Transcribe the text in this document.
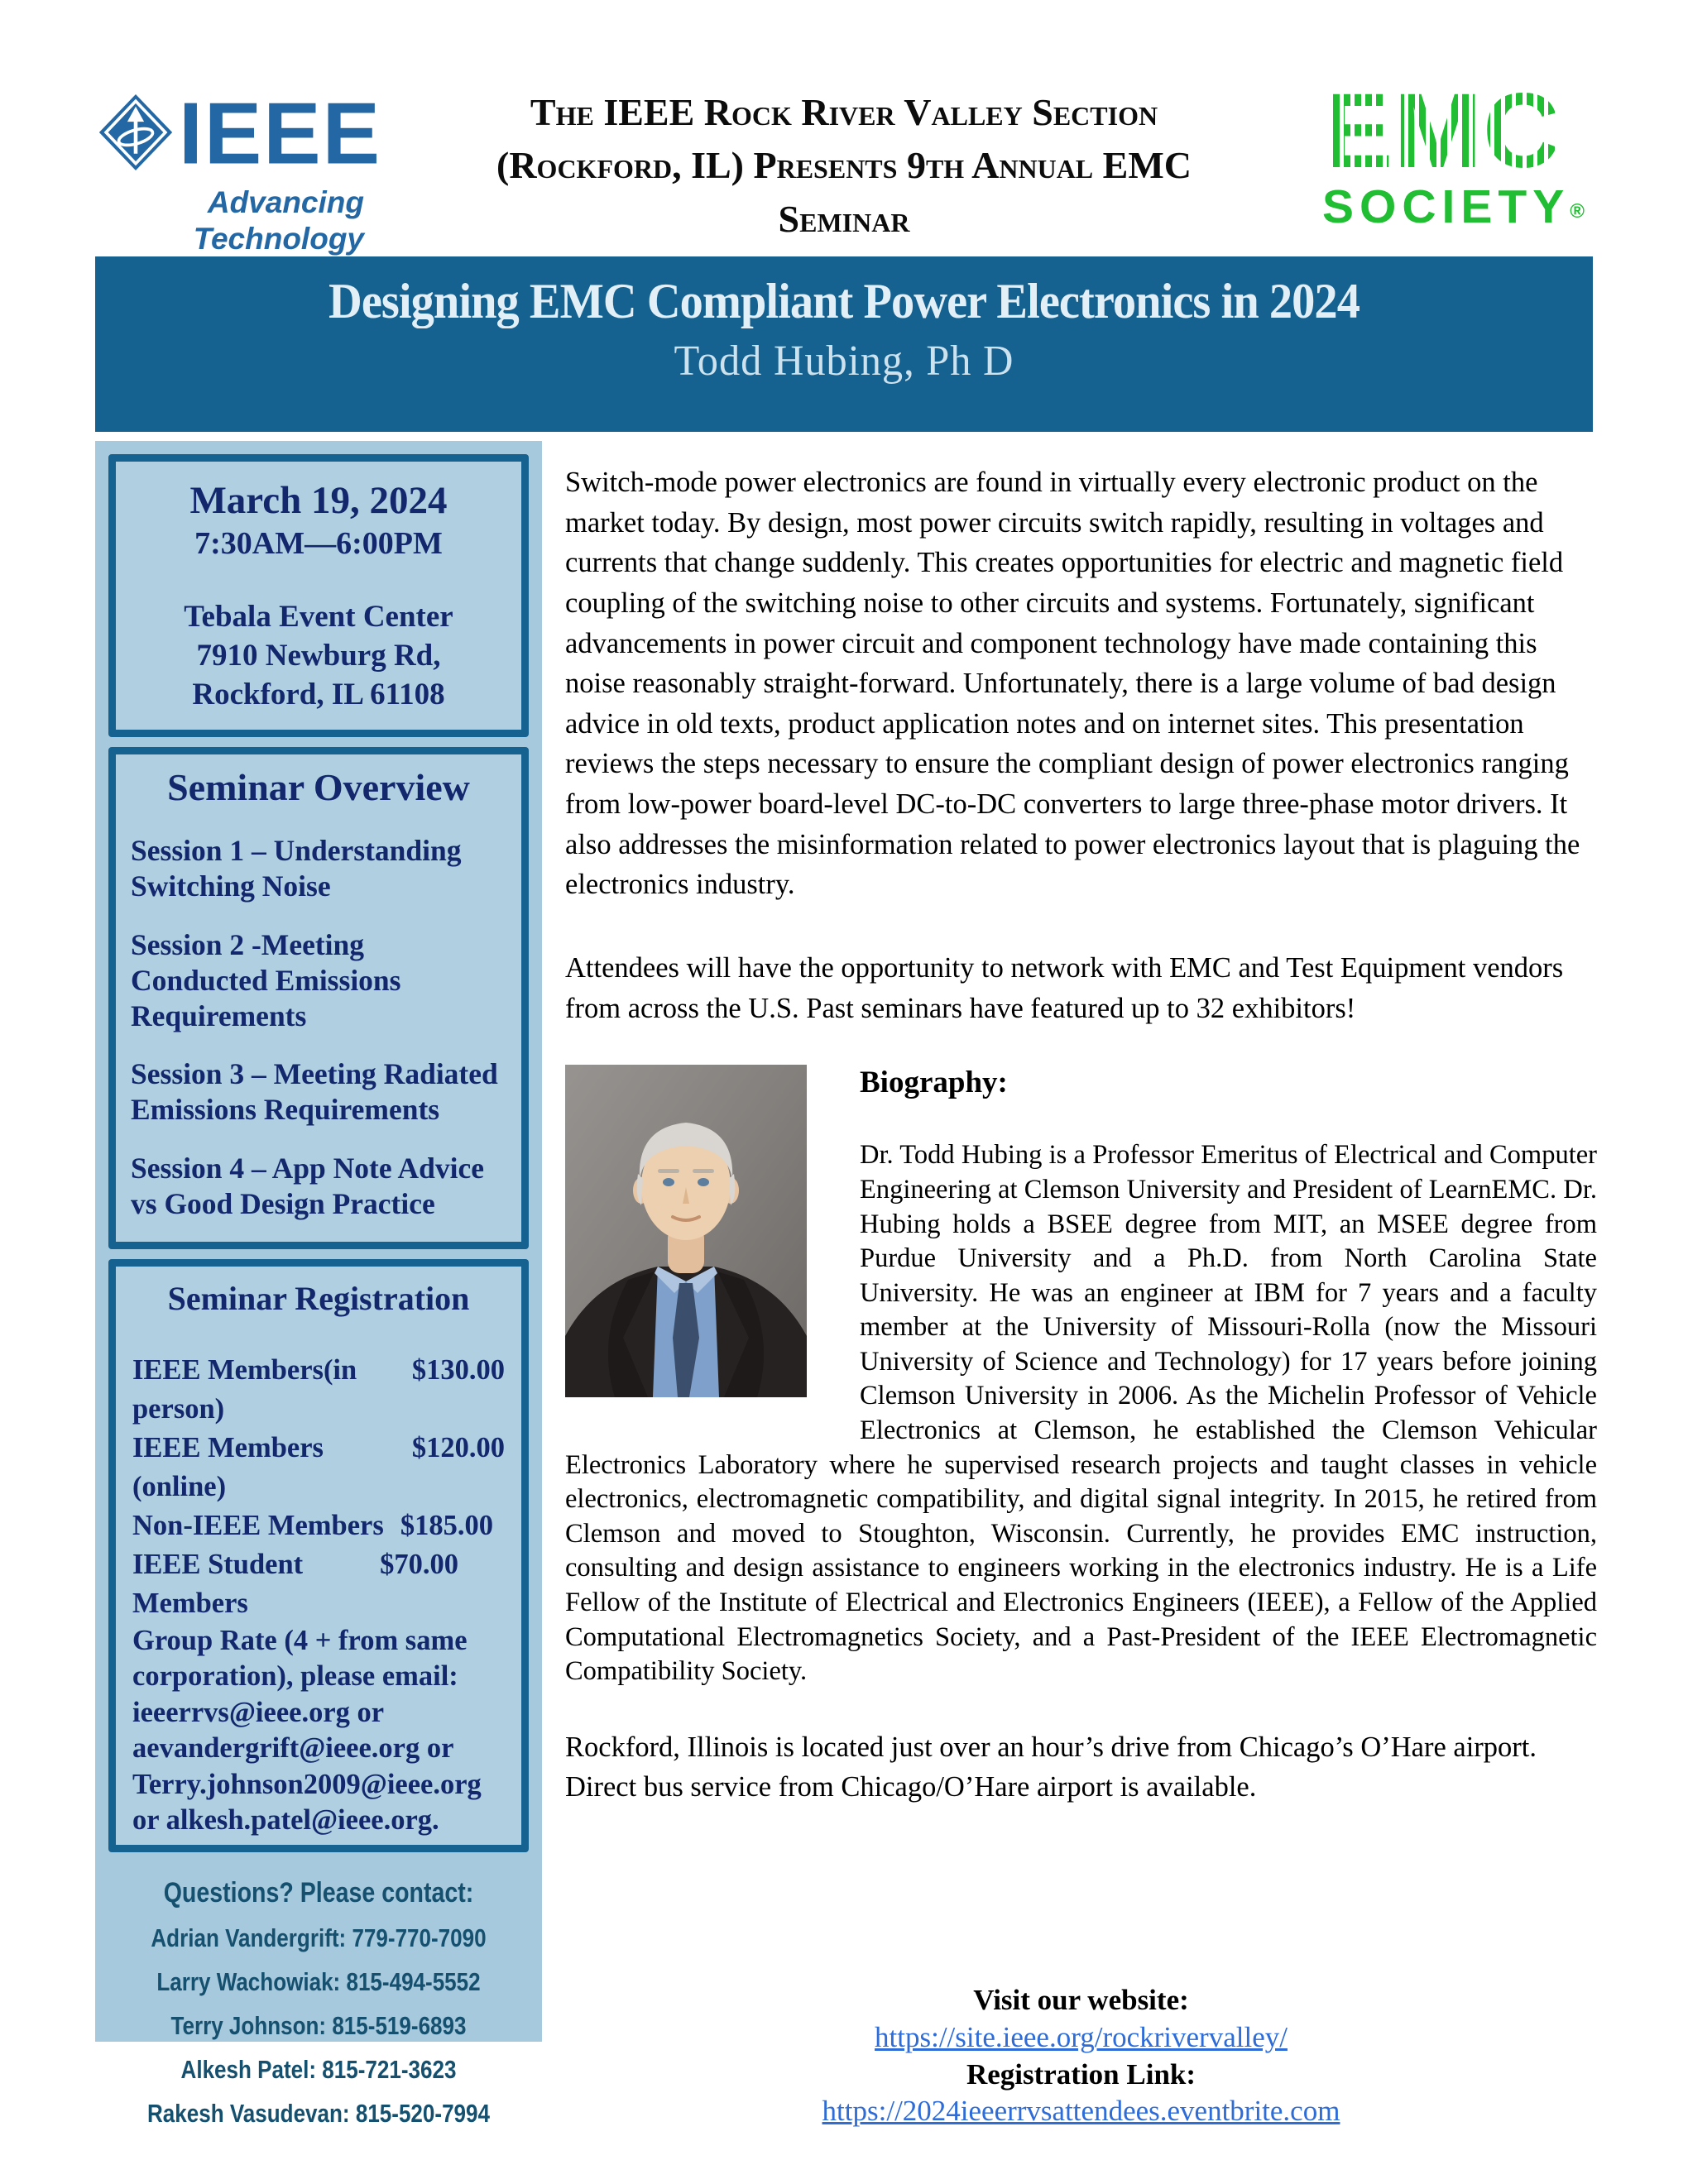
IEEE
Advancing Technology
The IEEE Rock River Valley Section
(Rockford, IL) Presents 9th Annual EMC
Seminar
EMC
SOCIETY®
Designing EMC Compliant Power Electronics in 2024
Todd Hubing, Ph D
March 19, 2024
7:30AM—6:00PM
Tebala Event Center
7910 Newburg Rd,
Rockford, IL 61108
Seminar Overview
Session 1 – Understanding Switching Noise
Session 2 -Meeting Conducted Emissions Requirements
Session 3 – Meeting Radiated Emissions Requirements
Session 4 – App Note Advice vs Good Design Practice
Seminar Registration
IEEE Members(in person)
$130.00
IEEE Members (online)
$120.00
Non-IEEE Members $185.00
IEEE Student Members
$70.00
Group Rate (4 + from same corporation), please email: ieeerrvs@ieee.org or aevandergrift@ieee.org or Terry.johnson2009@ieee.org or alkesh.patel@ieee.org.
Questions? Please contact:
Adrian Vandergrift: 779-770-7090
Larry Wachowiak: 815-494-5552
Terry Johnson: 815-519-6893
Alkesh Patel: 815-721-3623
Rakesh Vasudevan: 815-520-7994
Switch-mode power electronics are found in virtually every electronic product on the market today. By design, most power circuits switch rapidly, resulting in voltages and currents that change suddenly. This creates opportunities for electric and magnetic field coupling of the switching noise to other circuits and systems. Fortunately, significant advancements in power circuit and component technology have made containing this noise reasonably straight-forward. Unfortunately, there is a large volume of bad design advice in old texts, product application notes and on internet sites. This presentation reviews the steps necessary to ensure the compliant design of power electronics ranging from low-power board-level DC-to-DC converters to large three-phase motor drivers. It also addresses the misinformation related to power electronics layout that is plaguing the electronics industry.
Attendees will have the opportunity to network with EMC and Test Equipment vendors from across the U.S. Past seminars have featured up to 32 exhibitors!
Biography:
Dr. Todd Hubing is a Professor Emeritus of Electrical and Computer Engineering at Clemson University and President of LearnEMC. Dr. Hubing holds a BSEE degree from MIT, an MSEE degree from Purdue University and a Ph.D. from North Carolina State University. He was an engineer at IBM for 7 years and a faculty member at the University of Missouri-Rolla (now the Missouri University of Science and Technology) for 17 years before joining Clemson University in 2006. As the Michelin Professor of Vehicle Electronics at Clemson, he established the Clemson Vehicular Electronics Laboratory where he supervised research projects and taught classes in vehicle electronics, electromagnetic compatibility, and digital signal integrity. In 2015, he retired from Clemson and moved to Stoughton, Wisconsin. Currently, he provides EMC instruction, consulting and design assistance to engineers working in the electronics industry. He is a Life Fellow of the Institute of Electrical and Electronics Engineers (IEEE), a Fellow of the Applied Computational Electromagnetics Society, and a Past-President of the IEEE Electromagnetic Compatibility Society.
Rockford, Illinois is located just over an hour’s drive from Chicago’s O’Hare airport. Direct bus service from Chicago/O’Hare airport is available.
Visit our website:
https://site.ieee.org/rockrivervalley/
Registration Link:
https://2024ieeerrvsattendees.eventbrite.com
